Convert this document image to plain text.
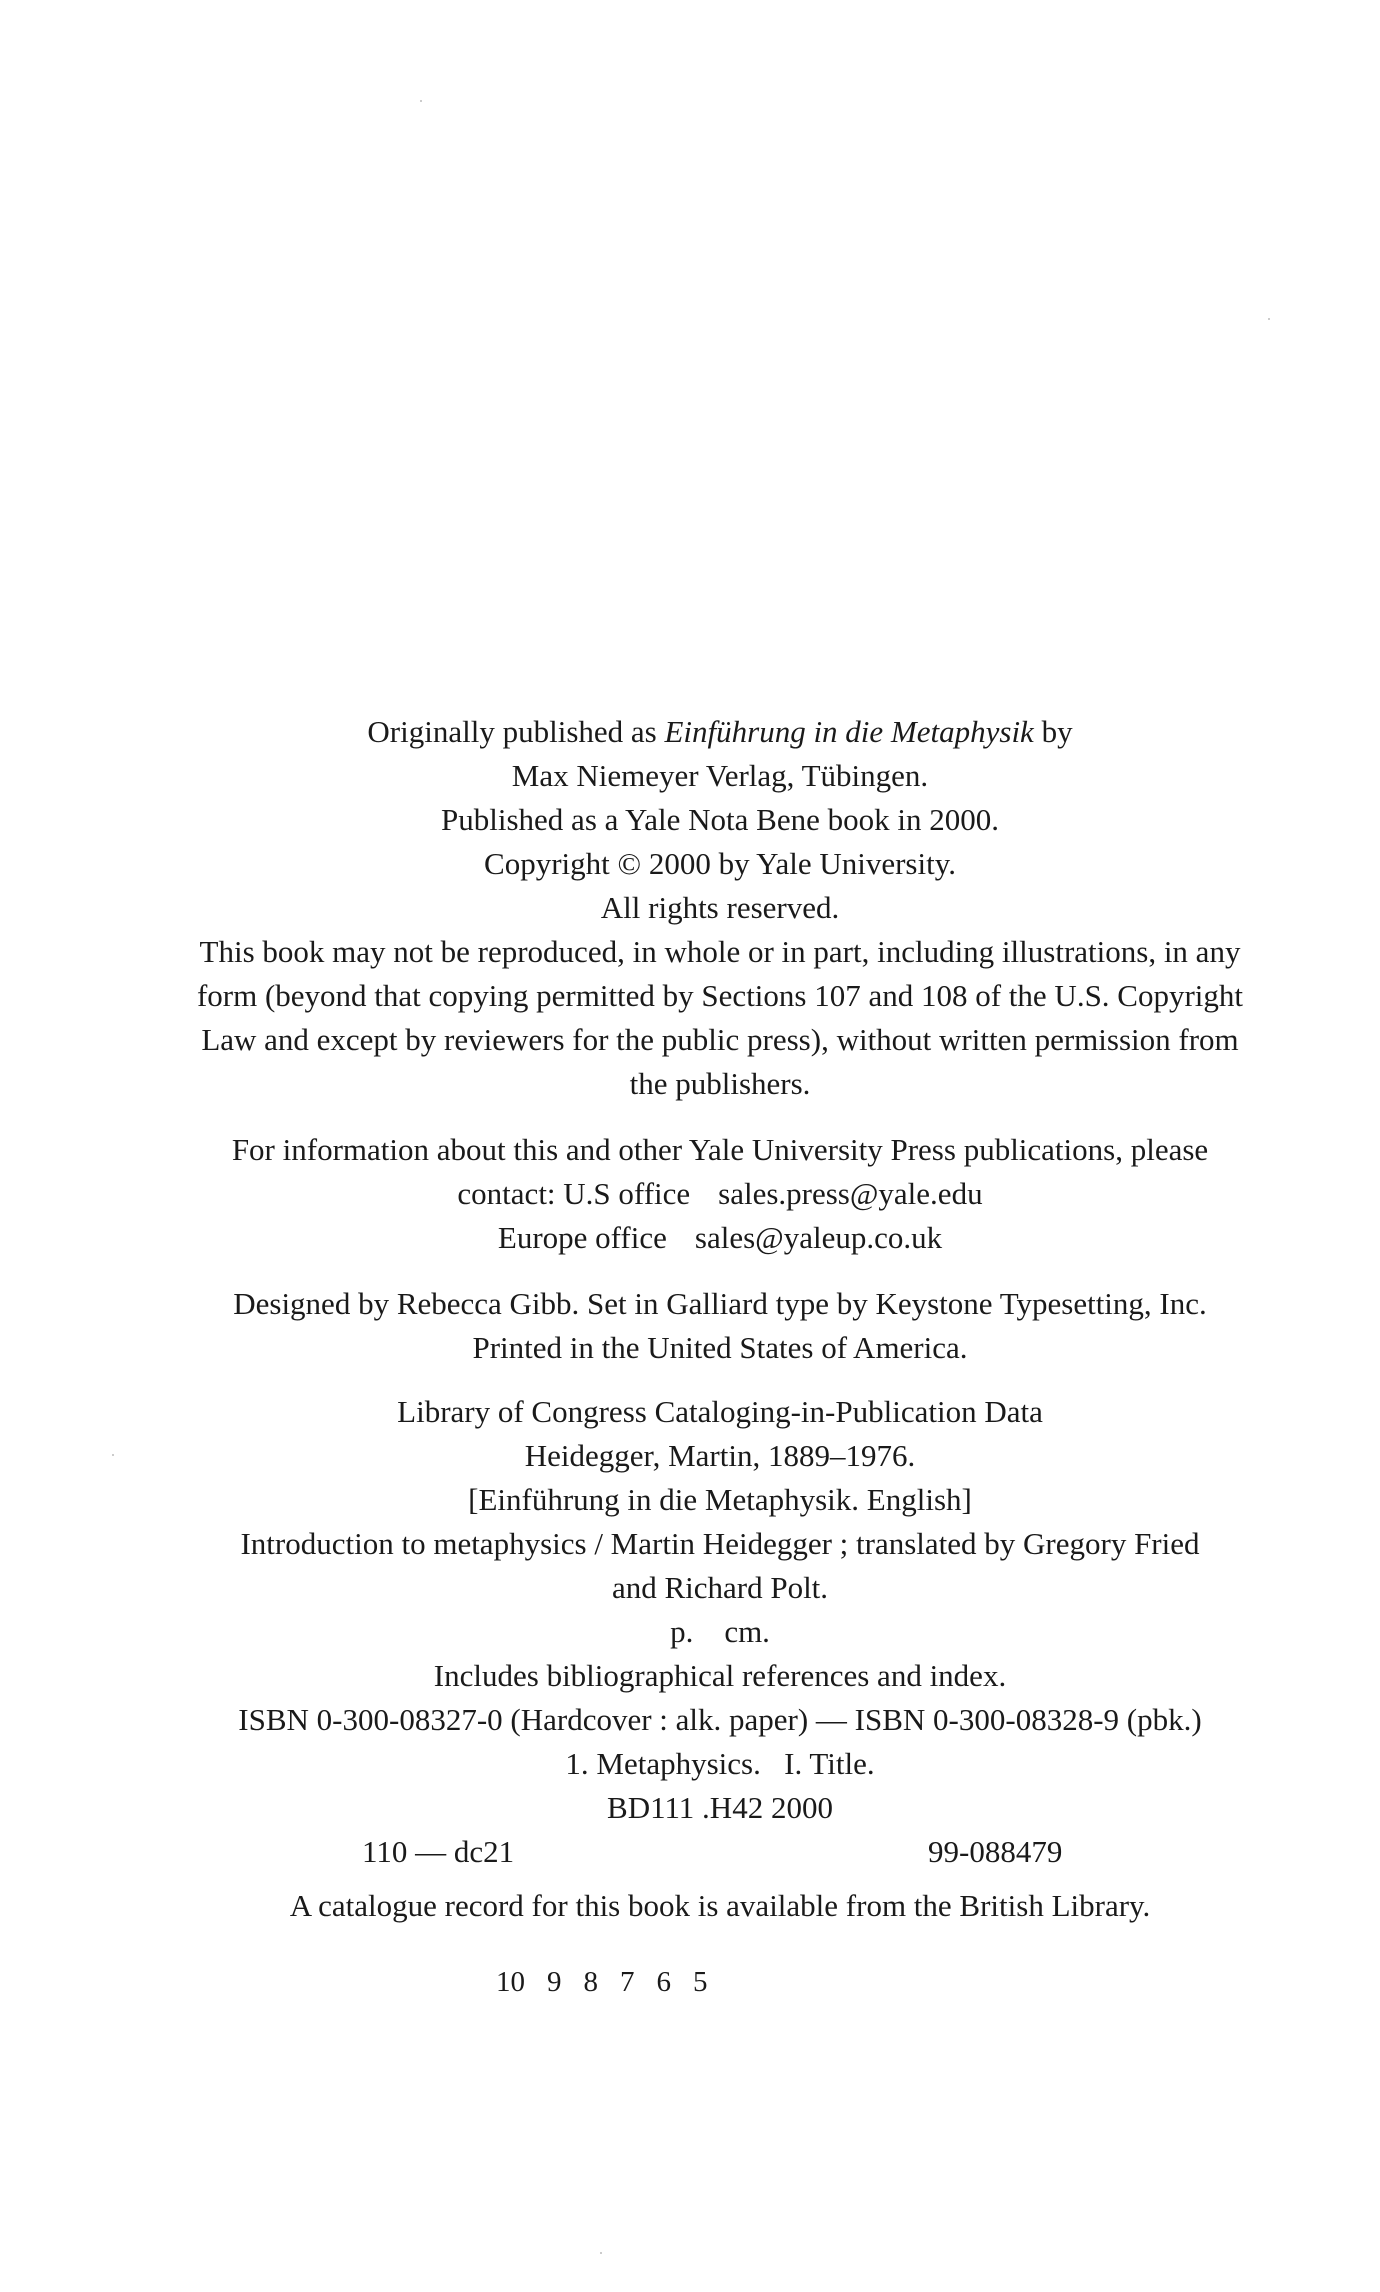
Originally published as Einführung in die Metaphysik by
Max Niemeyer Verlag, Tübingen.
Published as a Yale Nota Bene book in 2000.
Copyright © 2000 by Yale University.
All rights reserved.
This book may not be reproduced, in whole or in part, including illustrations, in any form (beyond that copying permitted by Sections 107 and 108 of the U.S. Copyright Law and except by reviewers for the public press), without written permission from the publishers.
For information about this and other Yale University Press publications, please
contact: U.S office sales.press@yale.edu
Europe office sales@yaleup.co.uk
Designed by Rebecca Gibb. Set in Galliard type by Keystone Typesetting, Inc.
Printed in the United States of America.
Library of Congress Cataloging-in-Publication Data
Heidegger, Martin, 1889–1976.
[Einführung in die Metaphysik. English]
Introduction to metaphysics / Martin Heidegger ; translated by Gregory Fried
and Richard Polt.
p.    cm.
Includes bibliographical references and index.
ISBN 0-300-08327-0 (Hardcover : alk. paper) — ISBN 0-300-08328-9 (pbk.)
1. Metaphysics.   I. Title.
BD111 .H42 2000
110 — dc21	99-088479
A catalogue record for this book is available from the British Library.
10 9 8 7 6 5
